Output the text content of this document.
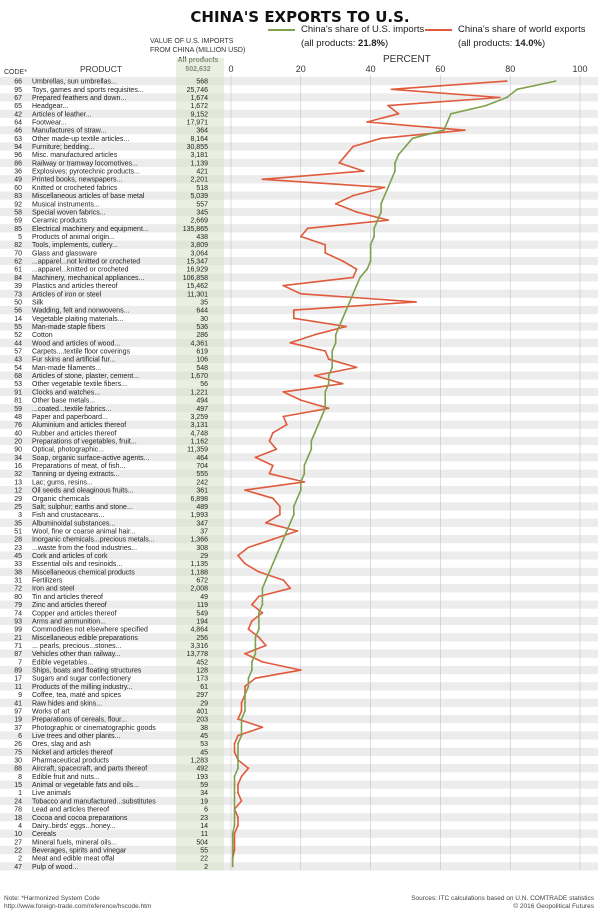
CHINA'S EXPORTS TO U.S.
China's share of U.S. imports
(all products: 21.8%)
China's share of world exports
(all products: 14.0%)
VALUE OF U.S. IMPORTS
FROM CHINA (MILLION USD)
CODE*	PRODUCT
PERCENT
0	20	40	60	80	100
66 Umbrellas, sun umbrellas...	568
95 Toys, games and sports requisites...	25,746
67 Prepared feathers and down...	1,674
65 Headgear...	1,672
42 Articles of leather...	9,152
64 Footwear...	17,971
46 Manufactures of straw...	364
63 Other made-up textile articles...	8,164
94 Furniture; bedding...	30,855
96 Misc. manufactured articles	3,181
86 Railway or tramway locomotives...	1,139
36 Explosives; pyrotechnic products...	421
49 Printed books, newspapers...	2,201
60 Knitted or crocheted fabrics	518
83 Miscellaneous articles of base metal	5,039
92 Musical instruments...	557
58 Special woven fabrics...	345
69 Ceramic products	2,669
85 Electrical machinery and equipment...	135,865
5 Products of animal origin...	438
82 Tools, implements, cutlery...	3,809
70 Glass and glassware	3,064
62 ...apparel...not knitted or crocheted	15,347
61 ...apparel...knitted or crocheted	16,929
84 Machinery, mechanical appliances...	106,858
39 Plastics and articles thereof	15,462
73 Articles of iron or steel	11,301
50 Silk	35
56 Wadding, felt and nonwovens...	644
14 Vegetable plaiting materials...	30
55 Man-made staple fibers	536
52 Cotton	286
44 Wood and articles of wood...	4,361
57 Carpets....textile floor coverings	619
43 Fur skins and artificial fur...	106
54 Man-made filaments...	548
68 Articles of stone, plaster, cement...	1,670
53 Other vegetable textile fibers...	56
91 Clocks and watches...	1,221
81 Other base metals...	494
59 ...coated...textile fabrics...	497
48 Paper and paperboard...	3,259
76 Aluminium and articles thereof	3,131
40 Rubber and articles thereof	4,748
20 Preparations of vegetables, fruit...	1,162
90 Optical, photographic...	11,359
34 Soap, organic surface-active agents...	464
16 Preparations of meat, of fish...	704
32 Tanning or dyeing extracts...	555
13 Lac; gums, resins...	242
12 Oil seeds and oleaginous fruits...	361
29 Organic chemicals	6,898
25 Salt; sulphur; earths and stone...	489
3 Fish and crustaceans...	1,993
35 Albuminoidal substances...	347
51 Wool, fine or coarse animal hair...	37
28 Inorganic chemicals...precious metals...	1,366
23 ...waste from the food industries...	308
45 Cork and articles of cork	29
33 Essential oils and resinoids...	1,135
38 Miscellaneous chemical products	1,188
31 Fertilizers	672
72 Iron and steel	2,008
80 Tin and articles thereof	49
79 Zinc and articles thereof	119
74 Copper and articles thereof	549
93 Arms and ammunition...	194
99 Commodities not elsewhere specified	4,864
21 Miscellaneous edible preparations	256
71 ... pearls, precious...stones...	3,316
87 Vehicles other than railway...	13,778
7 Edible vegetables...	452
89 Ships, boats and floating structures	128
17 Sugars and sugar confectionery	173
11 Products of the milling industry...	61
9 Coffee, tea, maté and spices	297
41 Raw hides and skins...	29
97 Works of art	401
19 Preparations of cereals, flour...	203
37 Photographic or cinematographic goods	38
6 Live trees and other plants...	45
26 Ores, slag and ash	53
75 Nickel and articles thereof	45
30 Pharmaceutical products	1,283
88 Aircraft, spacecraft, and parts thereof	492
8 Edible fruit and nuts...	193
15 Animal or vegetable fats and oils...	59
1 Live animals	34
24 Tobacco and manufactured...substitutes	19
78 Lead and articles thereof	6
18 Cocoa and cocoa preparations	23
4 Dairy..birds' eggs...honey...	14
10 Cereals	11
27 Mineral fuels, mineral oils...	504
22 Beverages, spirits and vinegar	55
2 Meat and edible meat offal	22
47 Pulp of wood...	2
Note: *Harmonized System Code
http://www.foreign-trade.com/reference/hscode.htm
Sources: ITC calculations based on U.N. COMTRADE statistics
© 2016 Geopolitical Futures
